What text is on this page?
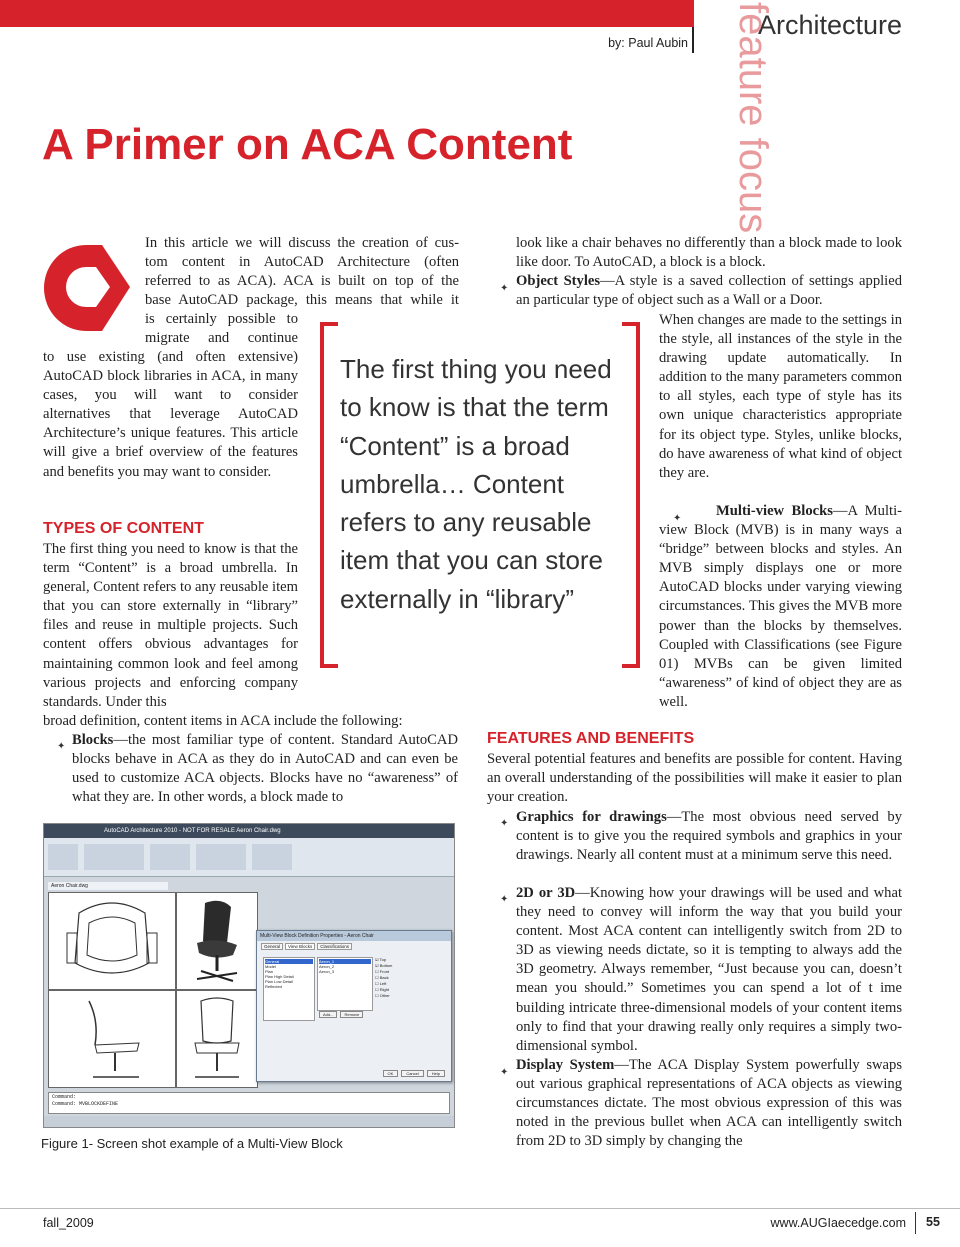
by: Paul Aubin
Architecture
feature focus
A Primer on ACA Content
In this article we will discuss the creation of cus-
tom content in AutoCAD Architecture (often
referred to as ACA). ACA is built on top of the
base AutoCAD package, this means that while it
is certainly possible to
migrate and continue
to use existing (and often extensive) AutoCAD block libraries in ACA, in many cases, you will want to consider alternatives that leverage AutoCAD Architecture’s unique features. This article will give a brief overview of the features and benefits you may want to consider.
TYPES OF CONTENT
The first thing you need to know is that the term “Content” is a broad umbrella. In general, Content refers to any reusable item that you can store externally in “library” files and reuse in multiple projects. Such content offers obvious advantages for maintaining common look and feel among various projects and enforcing company standards. Under this
broad definition, content items in ACA include the following:
✦ Blocks—the most familiar type of content. Standard AutoCAD blocks behave in ACA as they do in AutoCAD and can even be used to customize ACA objects. Blocks have no “awareness” of what they are. In other words, a block made to
The first thing you need to know is that the term “Content” is a broad umbrella… Content refers to any reusable item that you can store externally in “library”
look like a chair behaves no differently than a block made to look like door. To AutoCAD, a block is a block.
✦ Object Styles—A style is a saved collection of settings applied an particular type of object such as a Wall or a Door.
When changes are made to the settings in the style, all instances of the style in the drawing update automatically. In addition to the many parameters common to all styles, each type of style has its own unique characteristics appropriate for its object type. Styles, unlike blocks, do have awareness of what kind of object they are.
✦	Multi-view Blocks—A Multi-view Block (MVB) is in many ways a “bridge” between blocks and styles. An MVB simply displays one or more AutoCAD blocks under varying viewing circumstances. This gives the MVB more power than the blocks by themselves. Coupled with Classifications (see Figure 01) MVBs can be given limited “awareness” of kind of object they are as well.
FEATURES AND BENEFITS
Several potential features and benefits are possible for content. Having an overall understanding of the possibilities will make it easier to plan your creation.
✦ Graphics for drawings—The most obvious need served by content is to give you the required symbols and graphics in your drawings. Nearly all content must at a minimum serve this need.
✦ 2D or 3D—Knowing how your drawings will be used and what they need to convey will inform the way that you build your content. Most ACA content can intelligently switch from 2D to 3D as viewing needs dictate, so it is tempting to always add the 3D geometry. Always remember, “Just because you can, doesn’t mean you should.” Sometimes you can spend a lot of t ime building intricate three-dimensional models of your content items only to find that your drawing really only requires a simply two-dimensional symbol.
✦ Display System—The ACA Display System powerfully swaps out various graphical representations of ACA objects as viewing circumstances dictate. The most obvious expression of this was noted in the previous bullet when ACA can intelligently switch from 2D to 3D simply by changing the
AutoCAD Architecture 2010 - NOT FOR RESALE Aeron Chair.dwg
Aeron Chair.dwg
Multi-View Block Definition Properties - Aeron Chair
General	View Blocks	Classifications
General
Model
Plan
Plan High Detail
Plan Low Detail
Reflected
Aeron_1
Aeron_2
Aeron_3
☑ Top
☑ Bottom
☐ Front
☐ Back
☐ Left
☐ Right
☐ Other
Add...	Remove
OK	Cancel	Help
Command:
Command: MVBLOCKDEFINE
Figure 1- Screen shot example of a Multi-View Block
fall_2009	www.AUGIaecedge.com 55
